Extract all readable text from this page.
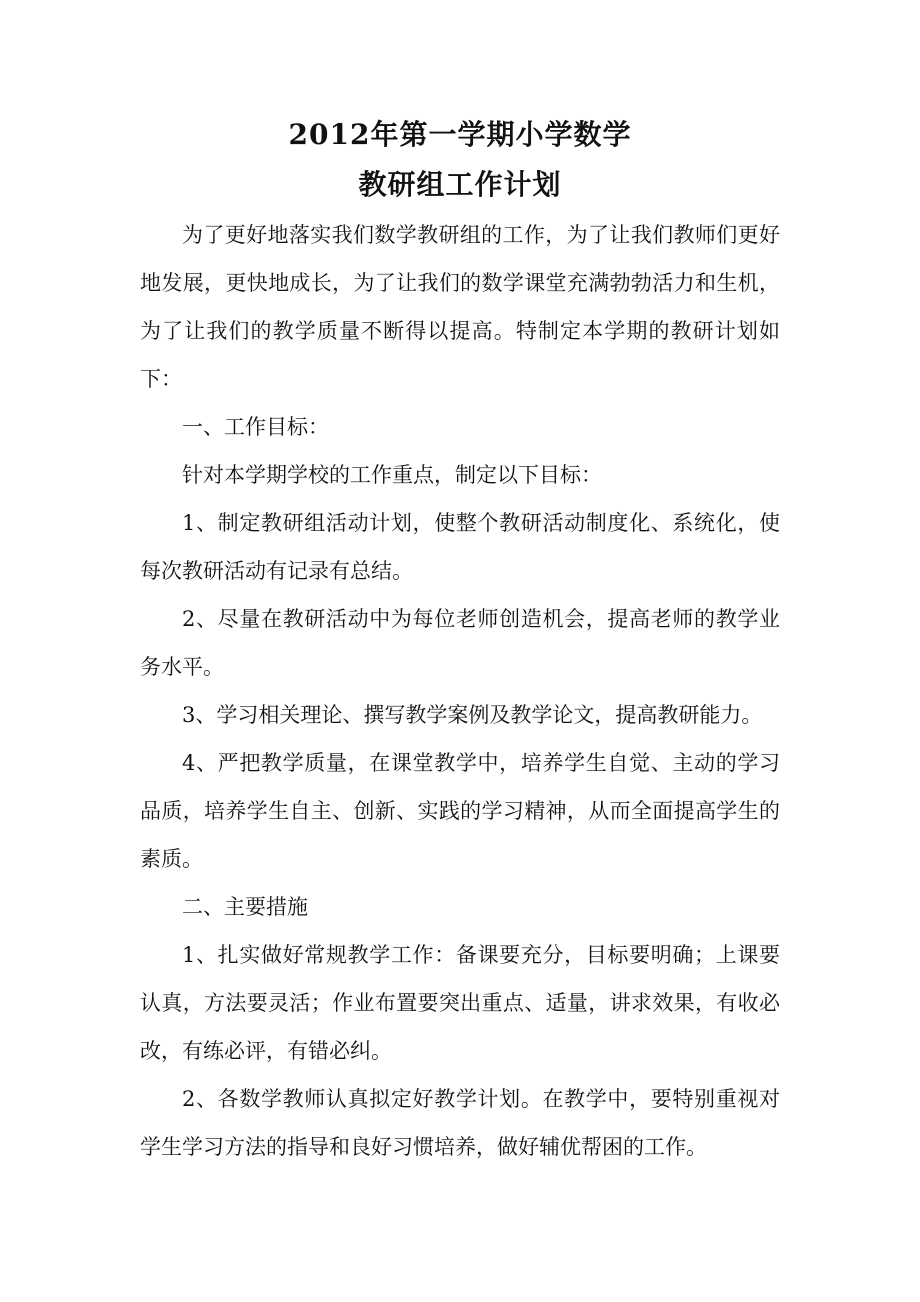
2012年第一学期小学数学
教研组工作计划

为了更好地落实我们数学教研组的工作，为了让我们教师们更好地发展，更快地成长，为了让我们的数学课堂充满勃勃活力和生机，为了让我们的教学质量不断得以提高。特制定本学期的教研计划如下：

一、工作目标：

针对本学期学校的工作重点，制定以下目标：

1、制定教研组活动计划，使整个教研活动制度化、系统化，使每次教研活动有记录有总结。

2、尽量在教研活动中为每位老师创造机会，提高老师的教学业务水平。

3、学习相关理论、撰写教学案例及教学论文，提高教研能力。

4、严把教学质量，在课堂教学中，培养学生自觉、主动的学习品质，培养学生自主、创新、实践的学习精神，从而全面提高学生的素质。

二、主要措施

1、扎实做好常规教学工作：备课要充分，目标要明确；上课要认真，方法要灵活；作业布置要突出重点、适量，讲求效果，有收必改，有练必评，有错必纠。

2、各数学教师认真拟定好教学计划。在教学中，要特别重视对学生学习方法的指导和良好习惯培养，做好辅优帮困的工作。
